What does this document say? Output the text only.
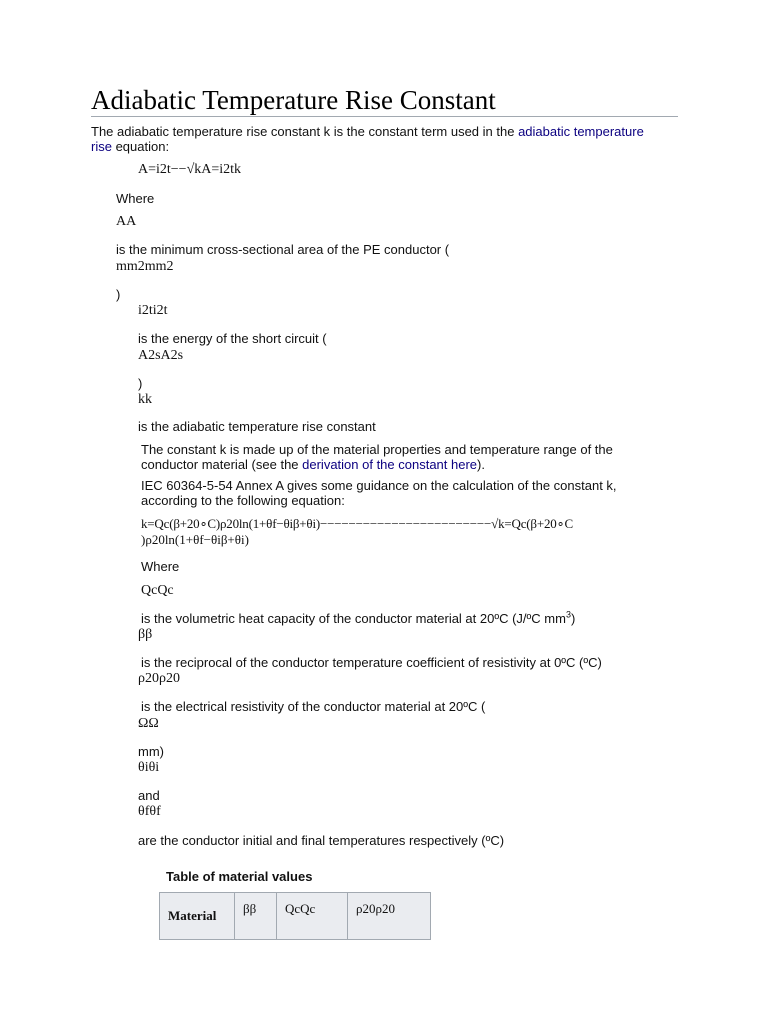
Adiabatic Temperature Rise Constant
The adiabatic temperature rise constant k is the constant term used in the adiabatic temperature
rise equation:
A=i2t−−√kA=i2tk
Where
AA
is the minimum cross-sectional area of the PE conductor (
mm2mm2
)
i2ti2t
is the energy of the short circuit (
A2sA2s
)
kk
is the adiabatic temperature rise constant
The constant k is made up of the material properties and temperature range of the
conductor material (see the derivation of the constant here).
IEC 60364-5-54 Annex A gives some guidance on the calculation of the constant k,
according to the following equation:
k=Qc(β+20∘C)ρ20ln(1+θf−θiβ+θi)−−−−−−−−−−−−−−−−−−−−−−−−√k=Qc(β+20∘C
)ρ20ln⁡(1+θf−θiβ+θi)
Where
QcQc
is the volumetric heat capacity of the conductor material at 20ºC (J/ºC $mm^3$)
ββ
is the reciprocal of the conductor temperature coefficient of resistivity at 0ºC (ºC)
ρ20ρ20
is the electrical resistivity of the conductor material at 20ºC (
ΩΩ
mm)
θiθi
and
θfθf
are the conductor initial and final temperatures respectively (ºC)
Table of material values
Material	ββ	QcQc	ρ20ρ20
